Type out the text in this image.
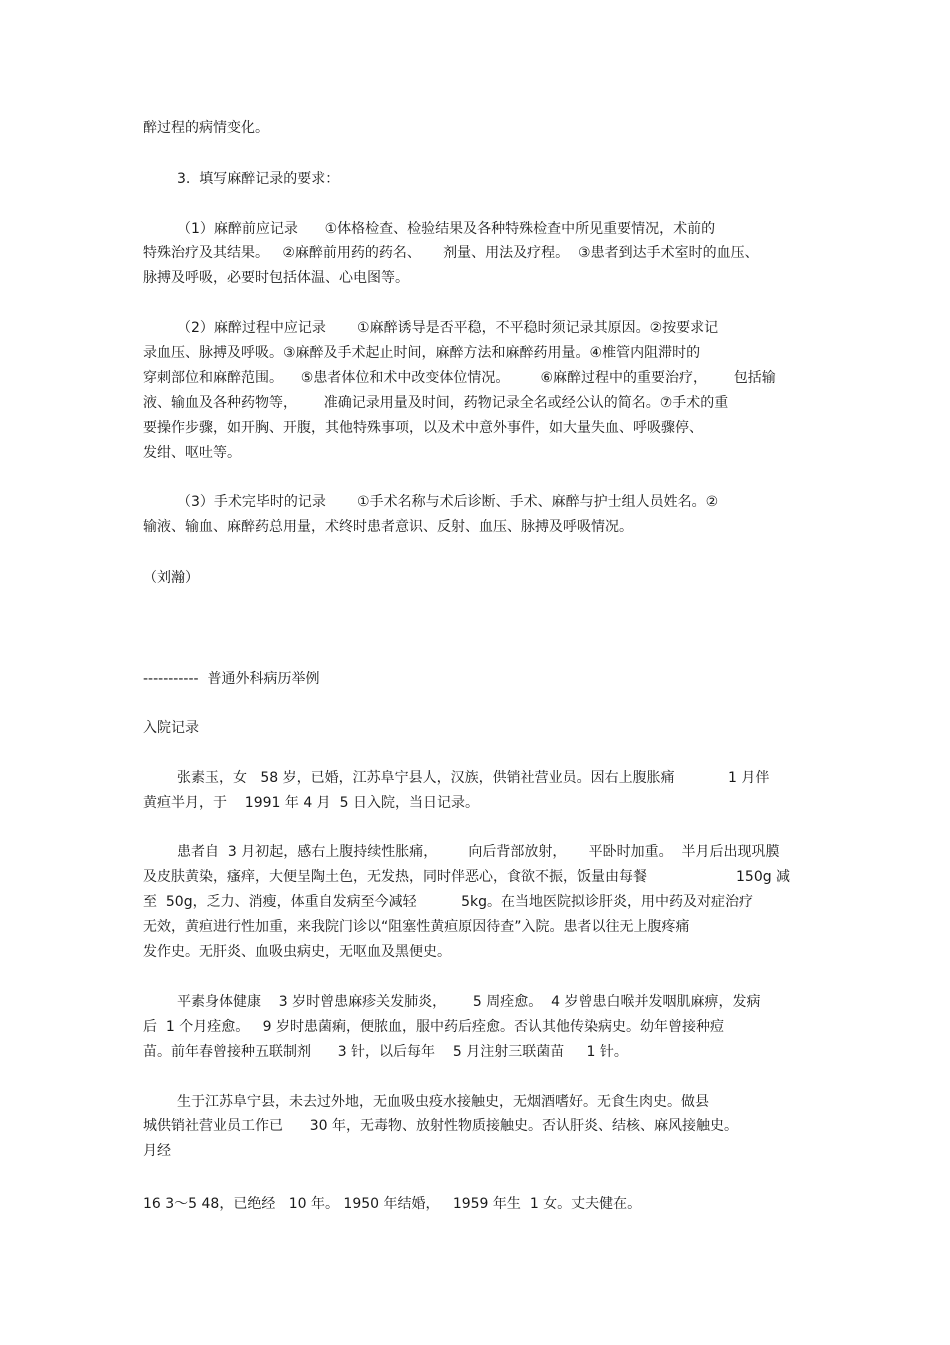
醉过程的病情变化。
3.  填写麻醉记录的要求：
（1）麻醉前应记录      ①体格检查、检验结果及各种特殊检查中所见重要情况，术前的
特殊治疗及其结果。   ②麻醉前用药的药名、     剂量、用法及疗程。  ③患者到达手术室时的血压、
脉搏及呼吸，必要时包括体温、心电图等。
（2）麻醉过程中应记录       ①麻醉诱导是否平稳，不平稳时须记录其原因。②按要求记
录血压、脉搏及呼吸。③麻醉及手术起止时间，麻醉方法和麻醉药用量。④椎管内阻滞时的
穿刺部位和麻醉范围。    ⑤患者体位和术中改变体位情况。       ⑥麻醉过程中的重要治疗，      包括输
液、输血及各种药物等，      准确记录用量及时间，药物记录全名或经公认的简名。⑦手术的重
要操作步骤，如开胸、开腹，其他特殊事项，以及术中意外事件，如大量失血、呼吸骤停、
发绀、呕吐等。
（3）手术完毕时的记录       ①手术名称与术后诊断、手术、麻醉与护士组人员姓名。②
输液、输血、麻醉药总用量，术终时患者意识、反射、血压、脉搏及呼吸情况。
（刘瀚）
-----------  普通外科病历举例
入院记录
张素玉，女   58 岁，已婚，江苏阜宁县人，汉族，供销社营业员。因右上腹胀痛            1 月伴
黄疸半月，于    1991 年 4 月  5 日入院，当日记录。
患者自  3 月初起，感右上腹持续性胀痛，       向后背部放射，     平卧时加重。  半月后出现巩膜
及皮肤黄染，瘙痒，大便呈陶土色，无发热，同时伴恶心，食欲不振，饭量由每餐                    150g 减
至  50g，乏力、消瘦，体重自发病至今减轻          5kg。在当地医院拟诊肝炎，用中药及对症治疗
无效，黄疸进行性加重，来我院门诊以“阻塞性黄疸原因待查”入院。患者以往无上腹疼痛
发作史。无肝炎、血吸虫病史，无呕血及黑便史。
平素身体健康    3 岁时曾患麻疹关发肺炎，      5 周痊愈。  4 岁曾患白喉并发咽肌麻痹，发病
后  1 个月痊愈。   9 岁时患菌痢，便脓血，服中药后痊愈。否认其他传染病史。幼年曾接种痘
苗。前年春曾接种五联制剂      3 针，以后每年    5 月注射三联菌苗     1 针。
生于江苏阜宁县，未去过外地，无血吸虫疫水接触史，无烟酒嗜好。无食生肉史。做县
城供销社营业员工作已      30 年，无毒物、放射性物质接触史。否认肝炎、结核、麻风接触史。
月经
16 3～5 48，已绝经   10 年。 1950 年结婚，   1959 年生  1 女。丈夫健在。
